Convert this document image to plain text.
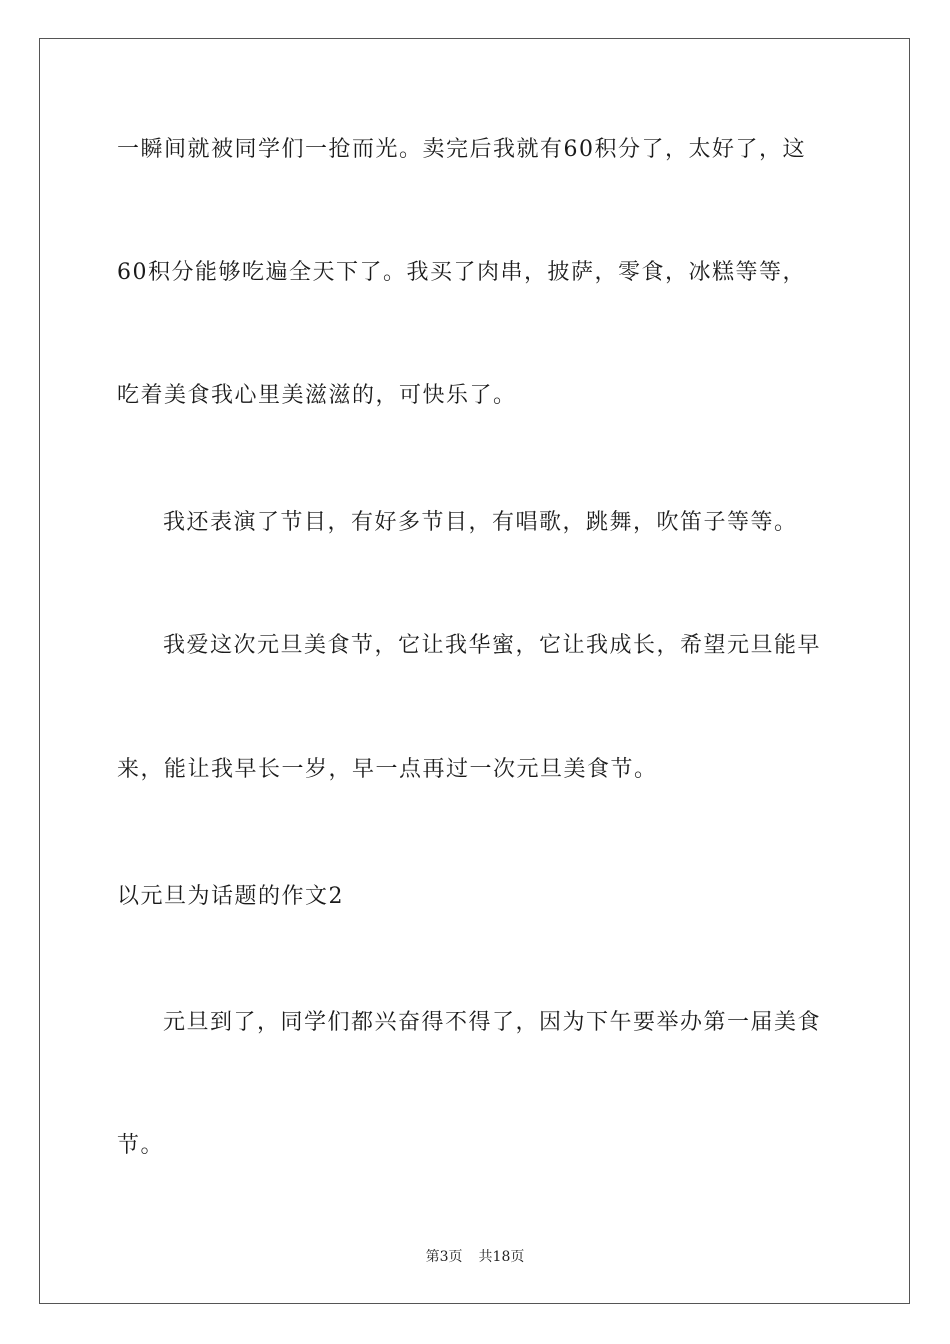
一瞬间就被同学们一抢而光。卖完后我就有60积分了，太好了，这
60积分能够吃遍全天下了。我买了肉串，披萨，零食，冰糕等等，
吃着美食我心里美滋滋的，可快乐了。
我还表演了节目，有好多节目，有唱歌，跳舞，吹笛子等等。
我爱这次元旦美食节，它让我华蜜，它让我成长，希望元旦能早
来，能让我早长一岁，早一点再过一次元旦美食节。
以元旦为话题的作文2
元旦到了，同学们都兴奋得不得了，因为下午要举办第一届美食
节。
第3页 共18页
